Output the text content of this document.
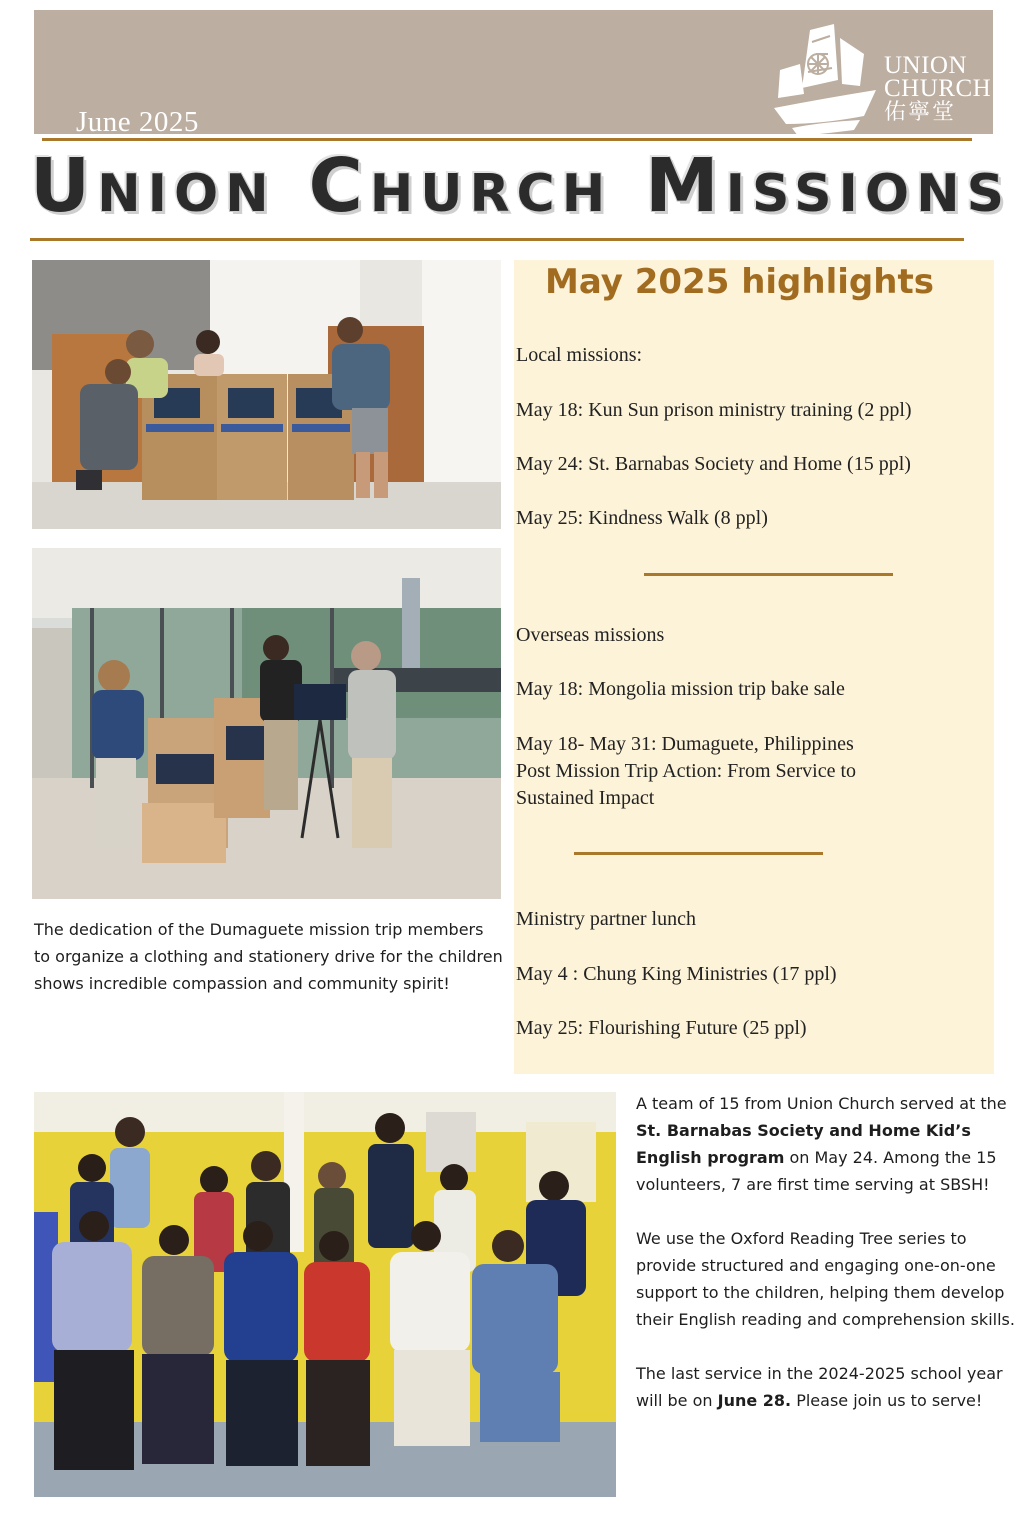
June 2025
UNION
CHURCH
佑寧堂
Union Church Missions
May 2025 highlights
Local missions:
May 18: Kun Sun prison ministry training (2 ppl)
May 24: St. Barnabas Society and Home (15 ppl)
May 25: Kindness Walk (8 ppl)
Overseas missions
May 18: Mongolia mission trip bake sale
May 18- May 31: Dumaguete, Philippines
Post Mission Trip Action: From Service to
Sustained Impact
Ministry partner lunch
May 4 : Chung King Ministries (17 ppl)
May 25: Flourishing Future (25 ppl)

The dedication of the Dumaguete mission trip members to organize a clothing and stationery drive for the children shows incredible compassion and community spirit!

A team of 15 from Union Church served at the St. Barnabas Society and Home Kid’s English program on May 24. Among the 15 volunteers, 7 are first time serving at SBSH!

We use the Oxford Reading Tree series to provide structured and engaging one-on-one support to the children, helping them develop their English reading and comprehension skills.

The last service in the 2024-2025 school year will be on June 28. Please join us to serve!
